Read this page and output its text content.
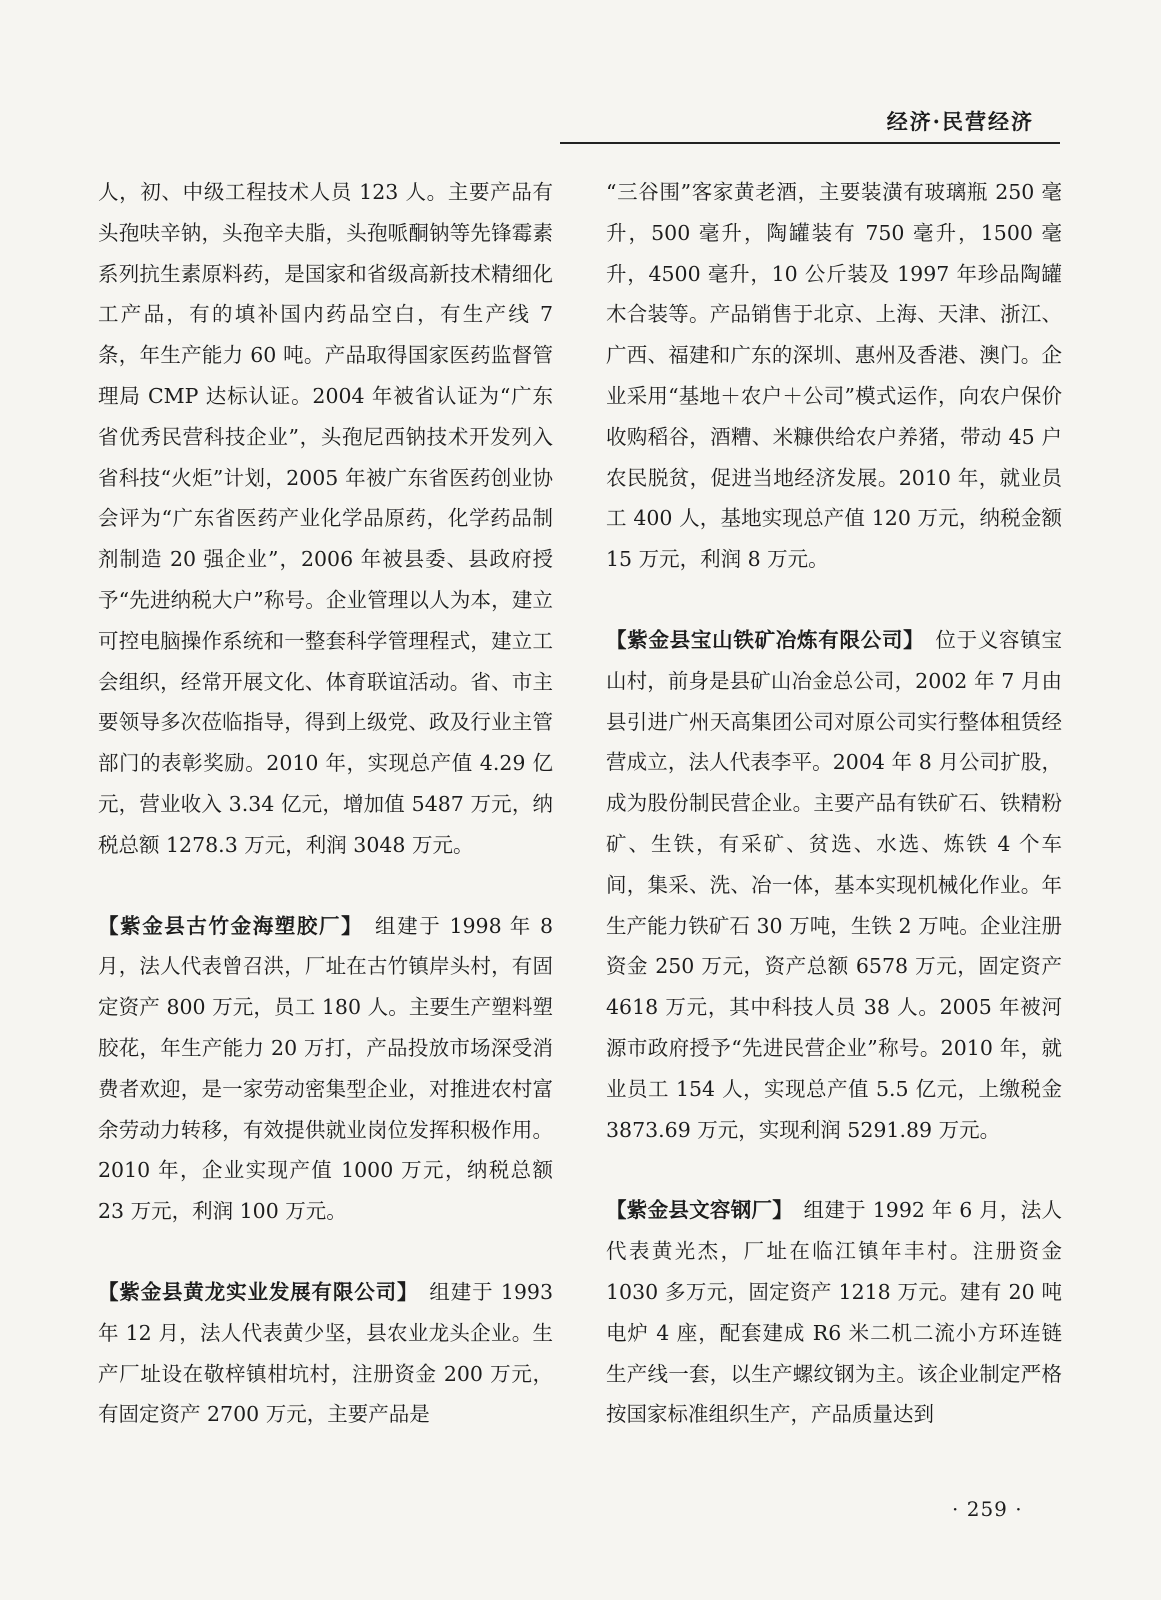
经济·民营经济

人，初、中级工程技术人员 123 人。主要产品有头孢呋辛钠，头孢辛夫脂，头孢哌酮钠等先锋霉素系列抗生素原料药，是国家和省级高新技术精细化工产品，有的填补国内药品空白，有生产线 7 条，年生产能力 60 吨。产品取得国家医药监督管理局 CMP 达标认证。2004 年被省认证为“广东省优秀民营科技企业”，头孢尼西钠技术开发列入省科技“火炬”计划，2005 年被广东省医药创业协会评为“广东省医药产业化学品原药，化学药品制剂制造 20 强企业”，2006 年被县委、县政府授予“先进纳税大户”称号。企业管理以人为本，建立可控电脑操作系统和一整套科学管理程式，建立工会组织，经常开展文化、体育联谊活动。省、市主要领导多次莅临指导，得到上级党、政及行业主管部门的表彰奖励。2010 年，实现总产值 4.29 亿元，营业收入 3.34 亿元，增加值 5487 万元，纳税总额 1278.3 万元，利润 3048 万元。

【紫金县古竹金海塑胶厂】　组建于 1998 年 8 月，法人代表曾召洪，厂址在古竹镇岸头村，有固定资产 800 万元，员工 180 人。主要生产塑料塑胶花，年生产能力 20 万打，产品投放市场深受消费者欢迎，是一家劳动密集型企业，对推进农村富余劳动力转移，有效提供就业岗位发挥积极作用。2010 年，企业实现产值 1000 万元，纳税总额 23 万元，利润 100 万元。

【紫金县黄龙实业发展有限公司】　组建于 1993 年 12 月，法人代表黄少坚，县农业龙头企业。生产厂址设在敬梓镇柑坑村，注册资金 200 万元，有固定资产 2700 万元，主要产品是

“三谷围”客家黄老酒，主要装潢有玻璃瓶 250 毫升，500 毫升，陶罐装有 750 毫升，1500 毫升，4500 毫升，10 公斤装及 1997 年珍品陶罐木合装等。产品销售于北京、上海、天津、浙江、广西、福建和广东的深圳、惠州及香港、澳门。企业采用“基地＋农户＋公司”模式运作，向农户保价收购稻谷，酒糟、米糠供给农户养猪，带动 45 户农民脱贫，促进当地经济发展。2010 年，就业员工 400 人，基地实现总产值 120 万元，纳税金额 15 万元，利润 8 万元。

【紫金县宝山铁矿冶炼有限公司】　位于义容镇宝山村，前身是县矿山冶金总公司，2002 年 7 月由县引进广州天高集团公司对原公司实行整体租赁经营成立，法人代表李平。2004 年 8 月公司扩股，成为股份制民营企业。主要产品有铁矿石、铁精粉矿、生铁，有采矿、贫选、水选、炼铁 4 个车间，集采、洗、冶一体，基本实现机械化作业。年生产能力铁矿石 30 万吨，生铁 2 万吨。企业注册资金 250 万元，资产总额 6578 万元，固定资产 4618 万元，其中科技人员 38 人。2005 年被河源市政府授予“先进民营企业”称号。2010 年，就业员工 154 人，实现总产值 5.5 亿元，上缴税金 3873.69 万元，实现利润 5291.89 万元。

【紫金县文容钢厂】　组建于 1992 年 6 月，法人代表黄光杰，厂址在临江镇年丰村。注册资金 1030 多万元，固定资产 1218 万元。建有 20 吨电炉 4 座，配套建成 R6 米二机二流小方环连链生产线一套，以生产螺纹钢为主。该企业制定严格按国家标准组织生产，产品质量达到

· 259 ·
